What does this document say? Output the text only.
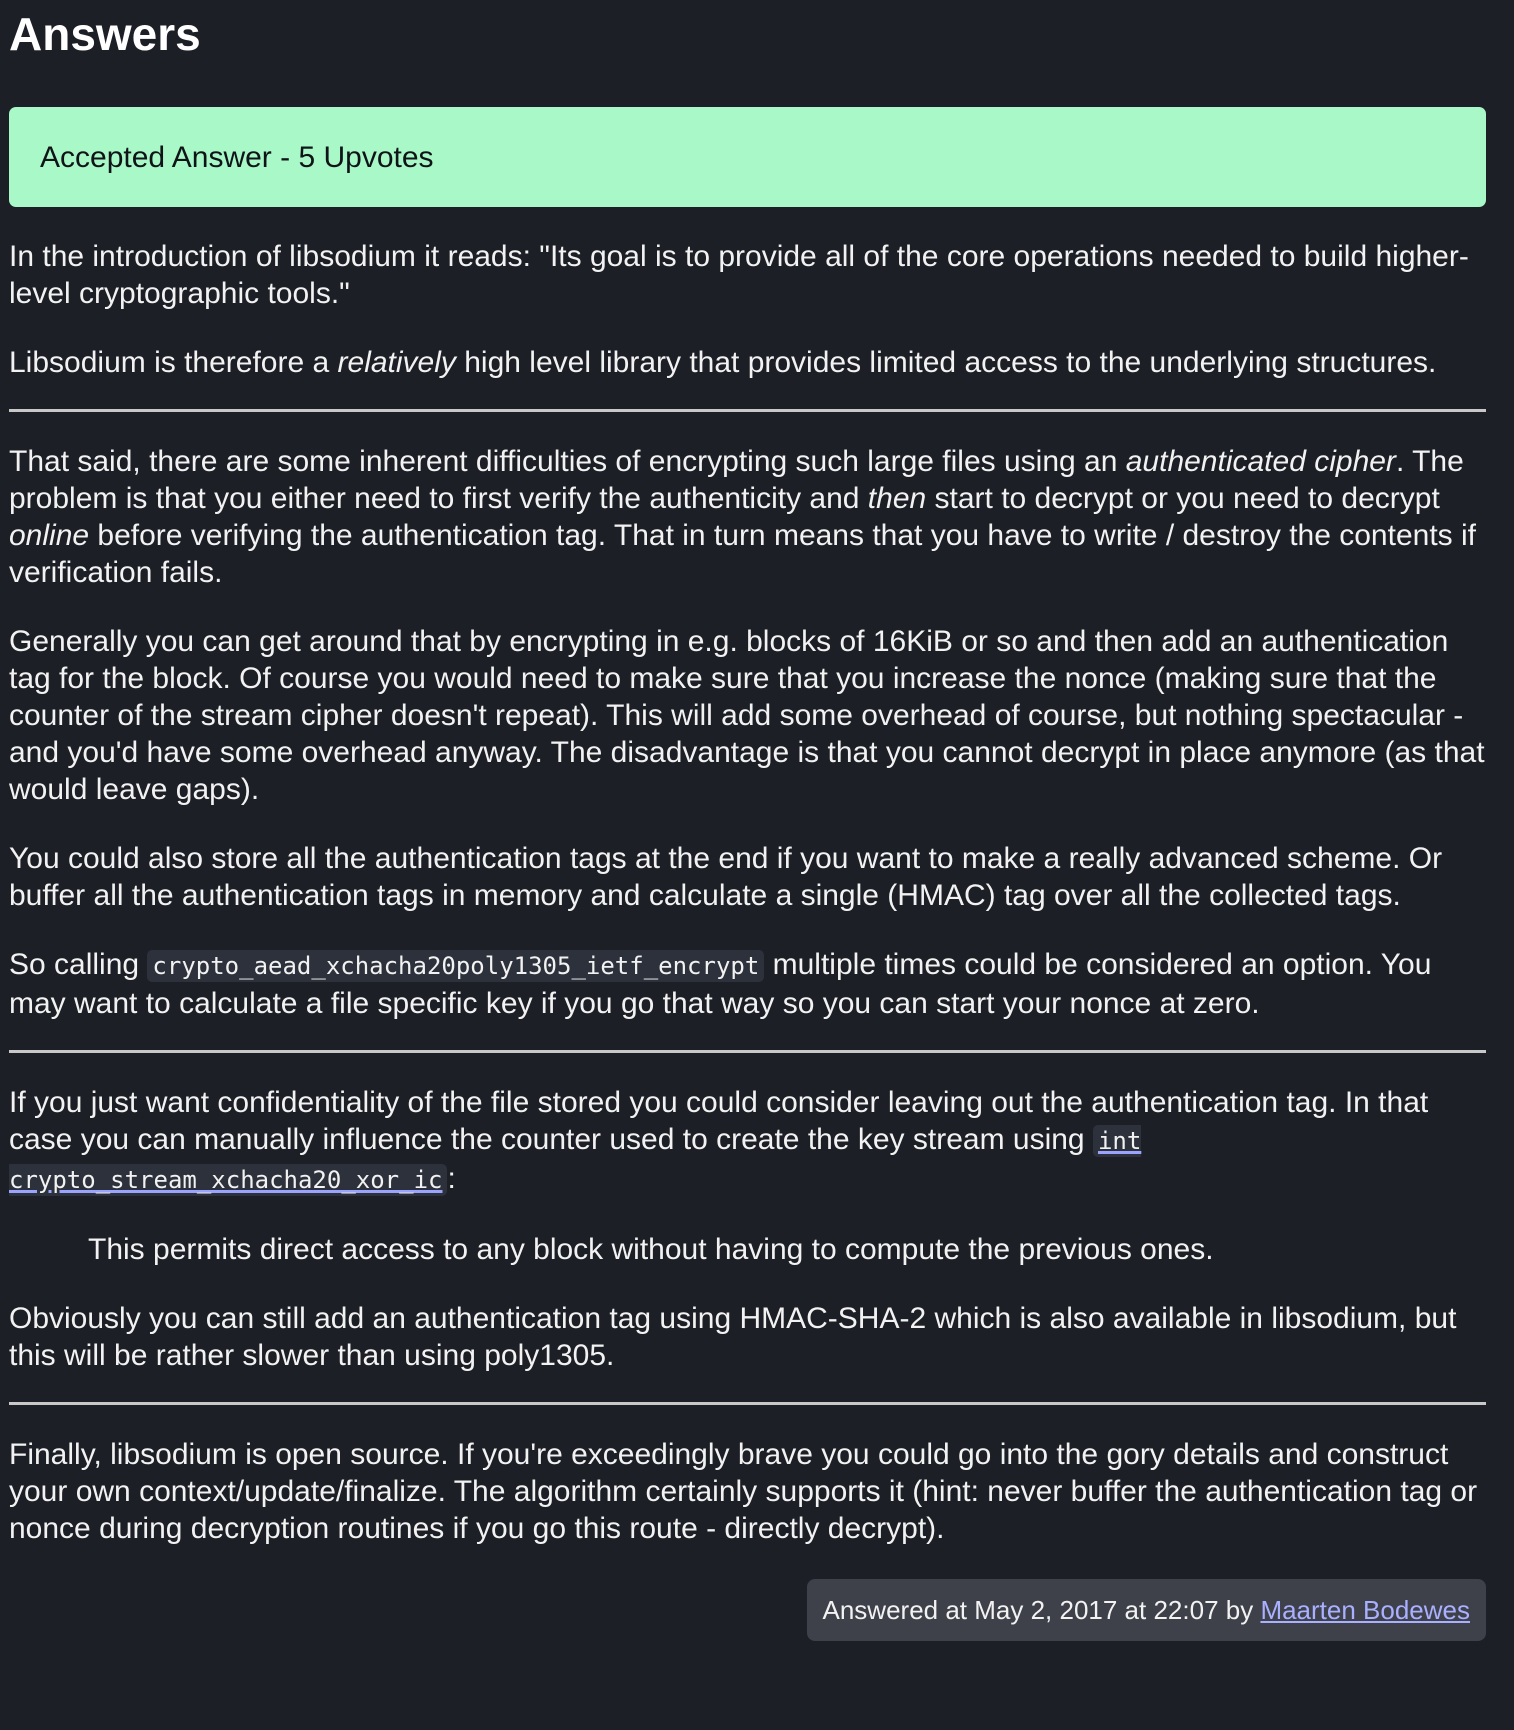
Answers
Accepted Answer - 5 Upvotes

In the introduction of libsodium it reads: "Its goal is to provide all of the core operations needed to build higher-level cryptographic tools."

Libsodium is therefore a relatively high level library that provides limited access to the underlying structures.

That said, there are some inherent difficulties of encrypting such large files using an authenticated cipher. The problem is that you either need to first verify the authenticity and then start to decrypt or you need to decrypt online before verifying the authentication tag. That in turn means that you have to write / destroy the contents if verification fails.

Generally you can get around that by encrypting in e.g. blocks of 16KiB or so and then add an authentication tag for the block. Of course you would need to make sure that you increase the nonce (making sure that the counter of the stream cipher doesn't repeat). This will add some overhead of course, but nothing spectacular - and you'd have some overhead anyway. The disadvantage is that you cannot decrypt in place anymore (as that would leave gaps).

You could also store all the authentication tags at the end if you want to make a really advanced scheme. Or buffer all the authentication tags in memory and calculate a single (HMAC) tag over all the collected tags.

So calling crypto_aead_xchacha20poly1305_ietf_encrypt multiple times could be considered an option. You may want to calculate a file specific key if you go that way so you can start your nonce at zero.

If you just want confidentiality of the file stored you could consider leaving out the authentication tag. In that case you can manually influence the counter used to create the key stream using int crypto_stream_xchacha20_xor_ic :

This permits direct access to any block without having to compute the previous ones.

Obviously you can still add an authentication tag using HMAC-SHA-2 which is also available in libsodium, but this will be rather slower than using poly1305.

Finally, libsodium is open source. If you're exceedingly brave you could go into the gory details and construct your own context/update/finalize. The algorithm certainly supports it (hint: never buffer the authentication tag or nonce during decryption routines if you go this route - directly decrypt).

Answered at May 2, 2017 at 22:07 by Maarten Bodewes
